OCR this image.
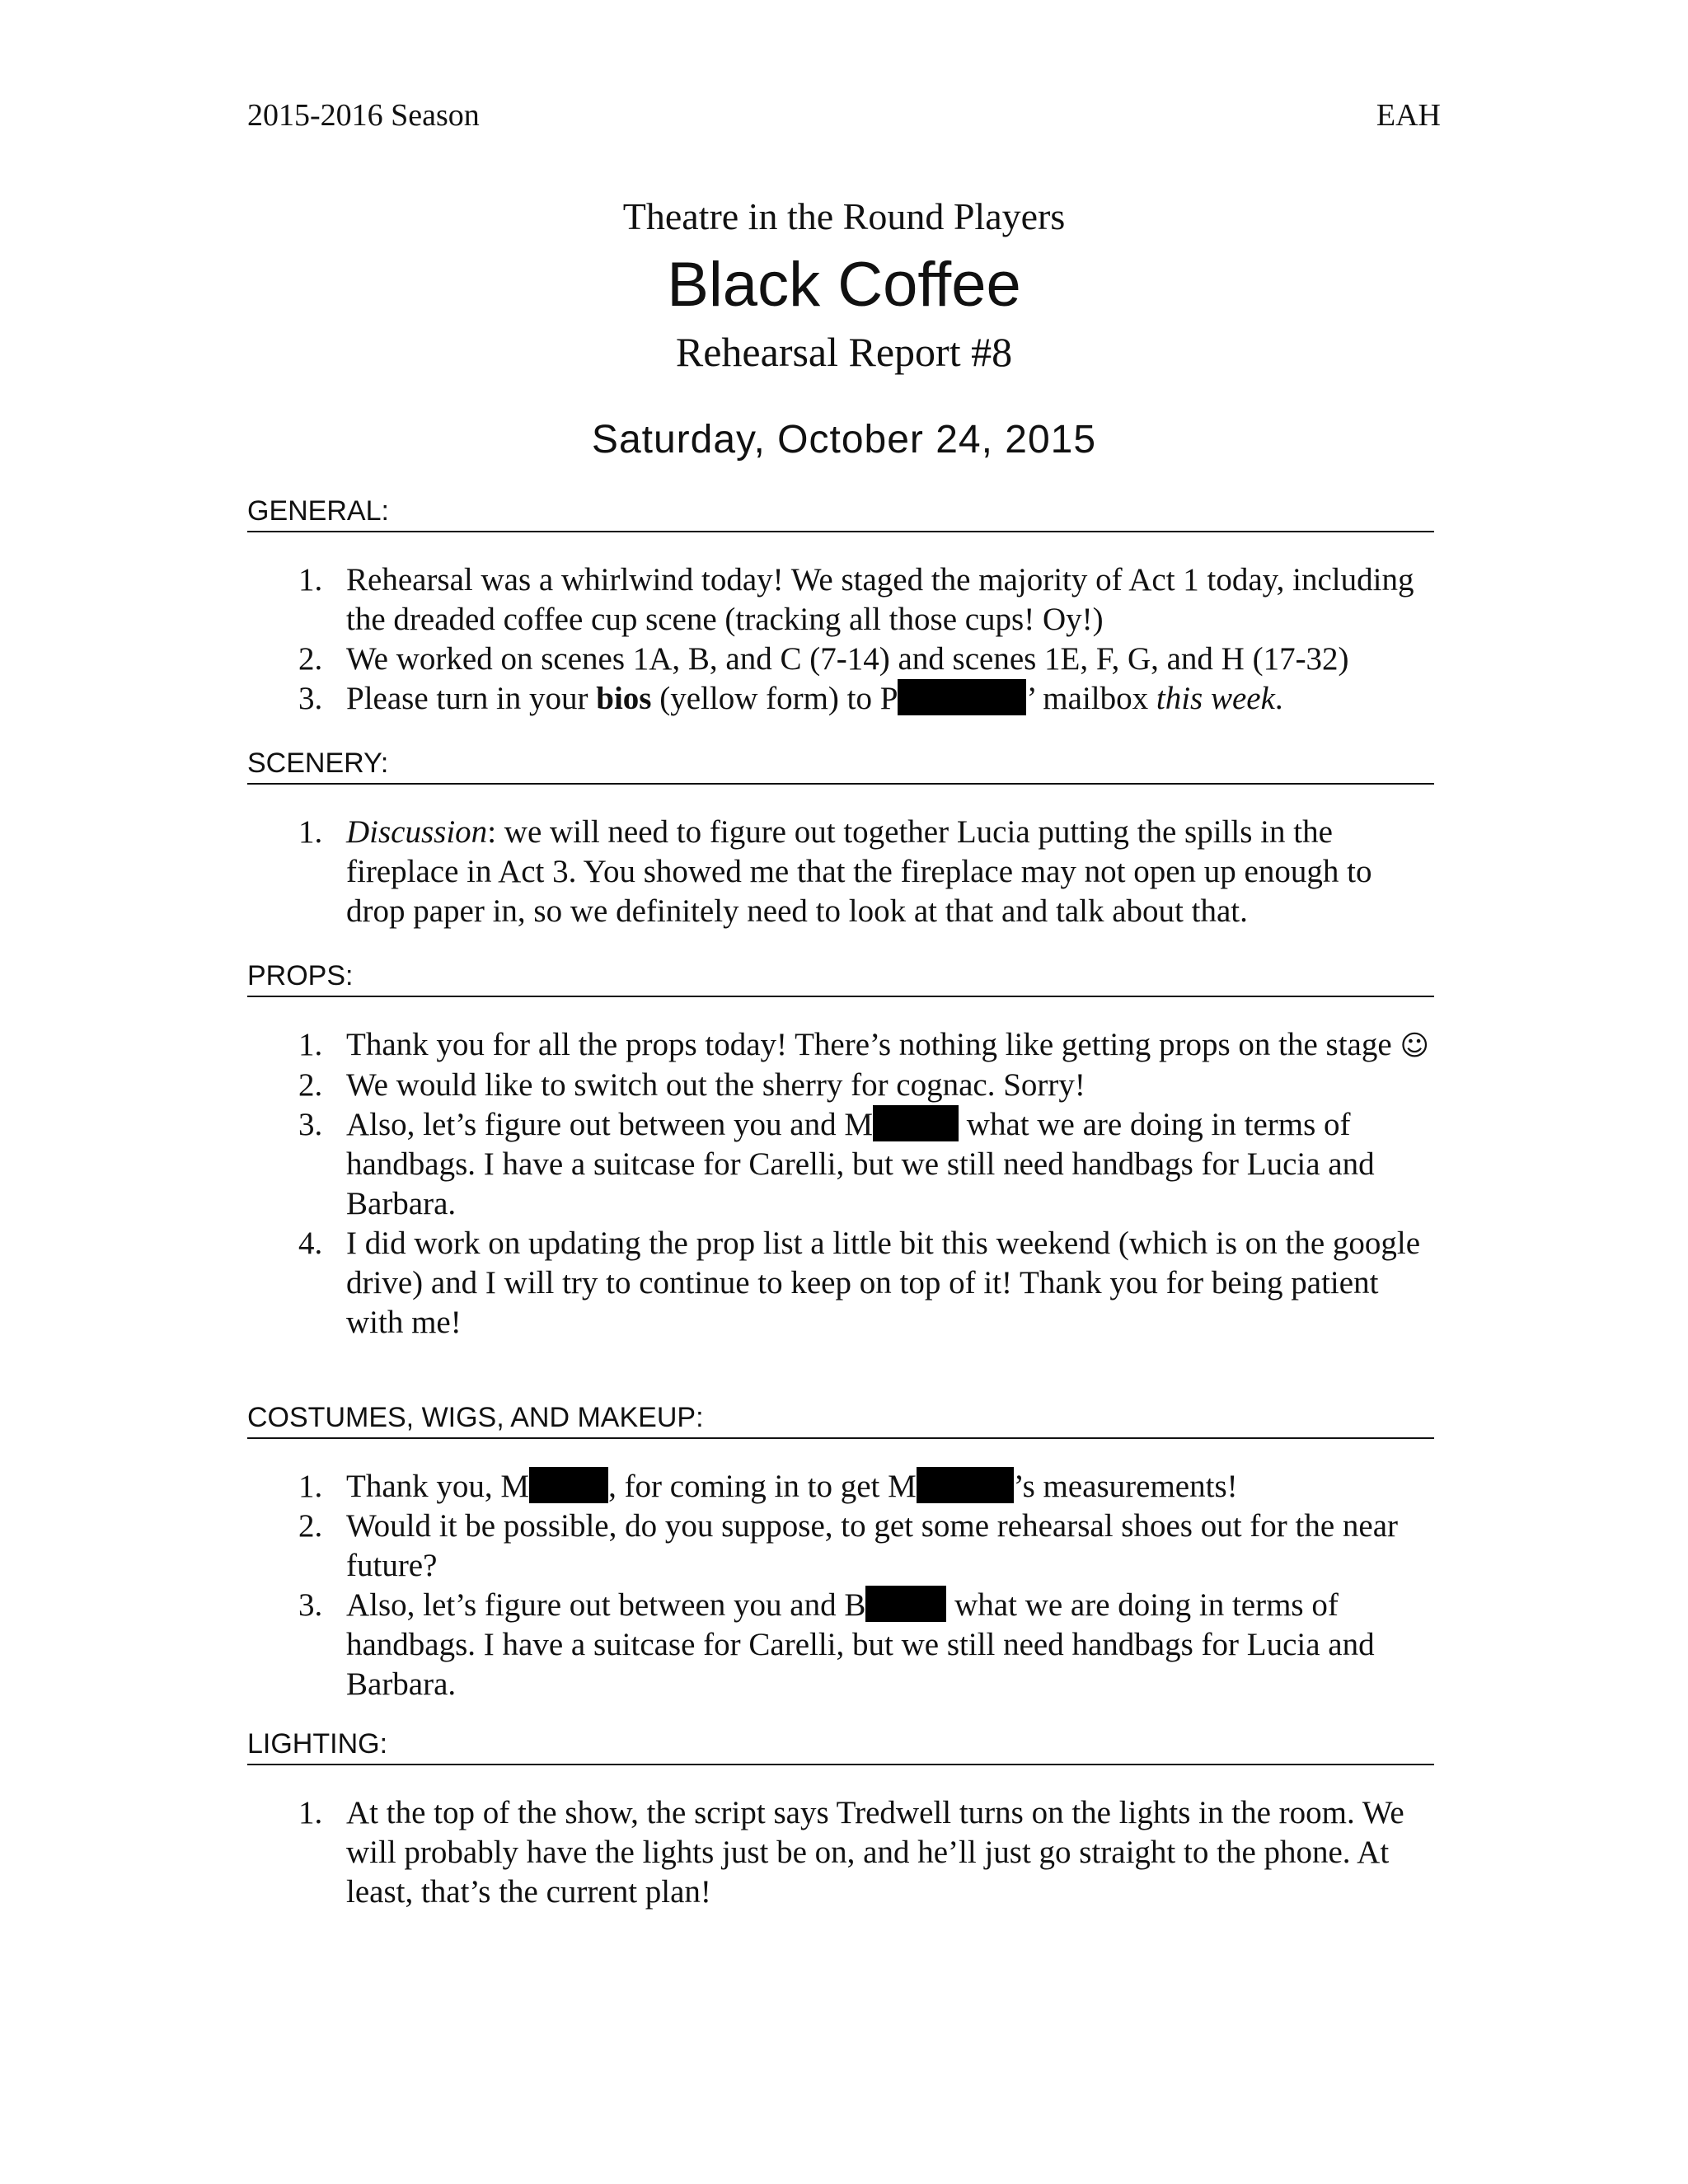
2015-2016 Season	EAH
Theatre in the Round Players
Black Coffee
Rehearsal Report #8
Saturday, October 24, 2015
GENERAL:
1. Rehearsal was a whirlwind today! We staged the majority of Act 1 today, including the dreaded coffee cup scene (tracking all those cups! Oy!)
2. We worked on scenes 1A, B, and C (7-14) and scenes 1E, F, G, and H (17-32)
3. Please turn in your bios (yellow form) to P	’ mailbox this week.
SCENERY:
1. Discussion: we will need to figure out together Lucia putting the spills in the fireplace in Act 3. You showed me that the fireplace may not open up enough to drop paper in, so we definitely need to look at that and talk about that.
PROPS:
1. Thank you for all the props today! There’s nothing like getting props on the stage ☺
2. We would like to switch out the sherry for cognac. Sorry!
3. Also, let’s figure out between you and M	what we are doing in terms of handbags. I have a suitcase for Carelli, but we still need handbags for Lucia and Barbara.
4. I did work on updating the prop list a little bit this weekend (which is on the google drive) and I will try to continue to keep on top of it! Thank you for being patient with me!
COSTUMES, WIGS, AND MAKEUP:
1. Thank you, M , for coming in to get M	’s measurements!
2. Would it be possible, do you suppose, to get some rehearsal shoes out for the near future?
3. Also, let’s figure out between you and B	what we are doing in terms of handbags. I have a suitcase for Carelli, but we still need handbags for Lucia and Barbara.
LIGHTING:
1. At the top of the show, the script says Tredwell turns on the lights in the room. We will probably have the lights just be on, and he’ll just go straight to the phone. At least, that’s the current plan!
